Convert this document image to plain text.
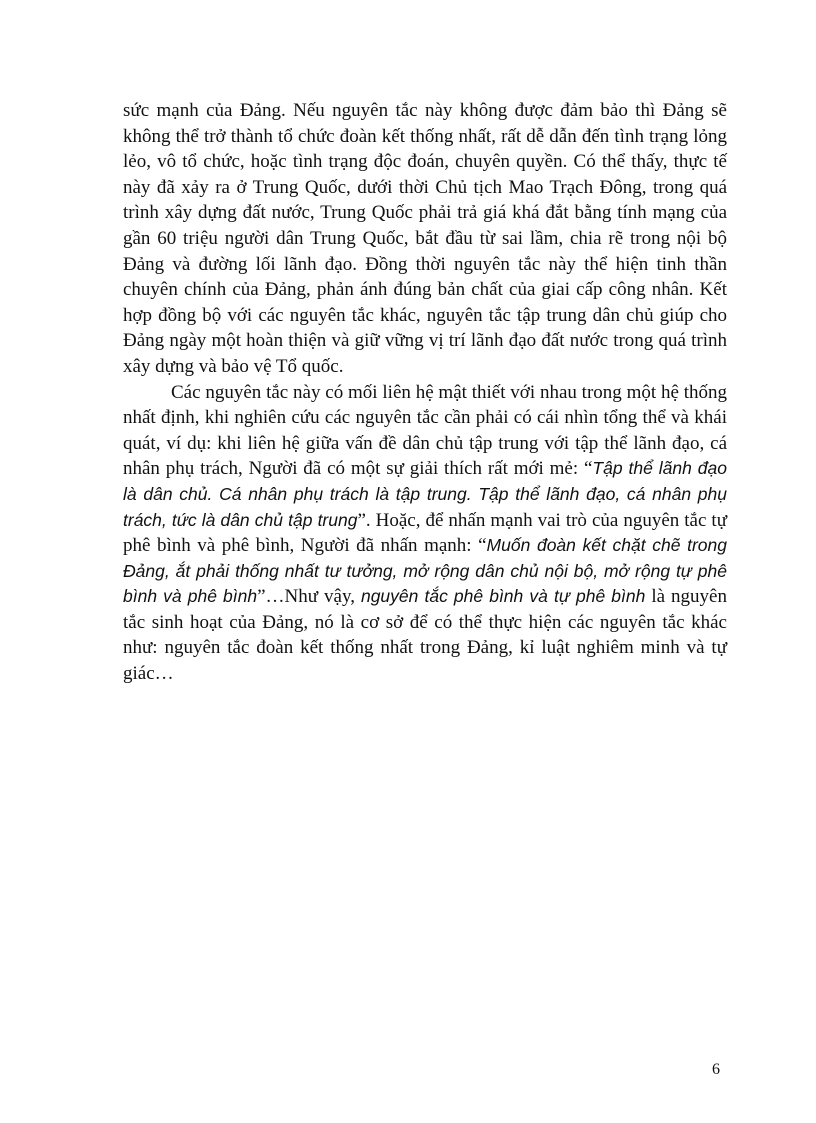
sức mạnh của Đảng. Nếu nguyên tắc này không được đảm bảo thì Đảng sẽ không thể trở thành tổ chức đoàn kết thống nhất, rất dễ dẫn đến tình trạng lỏng lẻo, vô tổ chức, hoặc tình trạng độc đoán, chuyên quyền. Có thể thấy, thực tế này đã xảy ra ở Trung Quốc, dưới thời Chủ tịch Mao Trạch Đông, trong quá trình xây dựng đất nước, Trung Quốc phải trả giá khá đắt bằng tính mạng của gần 60 triệu người dân Trung Quốc, bắt đầu từ sai lầm, chia rẽ trong nội bộ Đảng và đường lối lãnh đạo. Đồng thời nguyên tắc này thể hiện tinh thần chuyên chính của Đảng, phản ánh đúng bản chất của giai cấp công nhân. Kết hợp đồng bộ với các nguyên tắc khác, nguyên tắc tập trung dân chủ giúp cho Đảng ngày một hoàn thiện và giữ vững vị trí lãnh đạo đất nước trong quá trình xây dựng và bảo vệ Tổ quốc.

Các nguyên tắc này có mối liên hệ mật thiết với nhau trong một hệ thống nhất định, khi nghiên cứu các nguyên tắc cần phải có cái nhìn tổng thể và khái quát, ví dụ: khi liên hệ giữa vấn đề dân chủ tập trung với tập thể lãnh đạo, cá nhân phụ trách, Người đã có một sự giải thích rất mới mẻ: “Tập thể lãnh đạo là dân chủ. Cá nhân phụ trách là tập trung. Tập thể lãnh đạo, cá nhân phụ trách, tức là dân chủ tập trung”. Hoặc, để nhấn mạnh vai trò của nguyên tắc tự phê bình và phê bình, Người đã nhấn mạnh: “Muốn đoàn kết chặt chẽ trong Đảng, ắt phải thống nhất tư tưởng, mở rộng dân chủ nội bộ, mở rộng tự phê bình và phê bình”…Như vậy, nguyên tắc phê bình và tự phê bình là nguyên tắc sinh hoạt của Đảng, nó là cơ sở để có thể thực hiện các nguyên tắc khác như: nguyên tắc đoàn kết thống nhất trong Đảng, kỉ luật nghiêm minh và tự giác…

6
